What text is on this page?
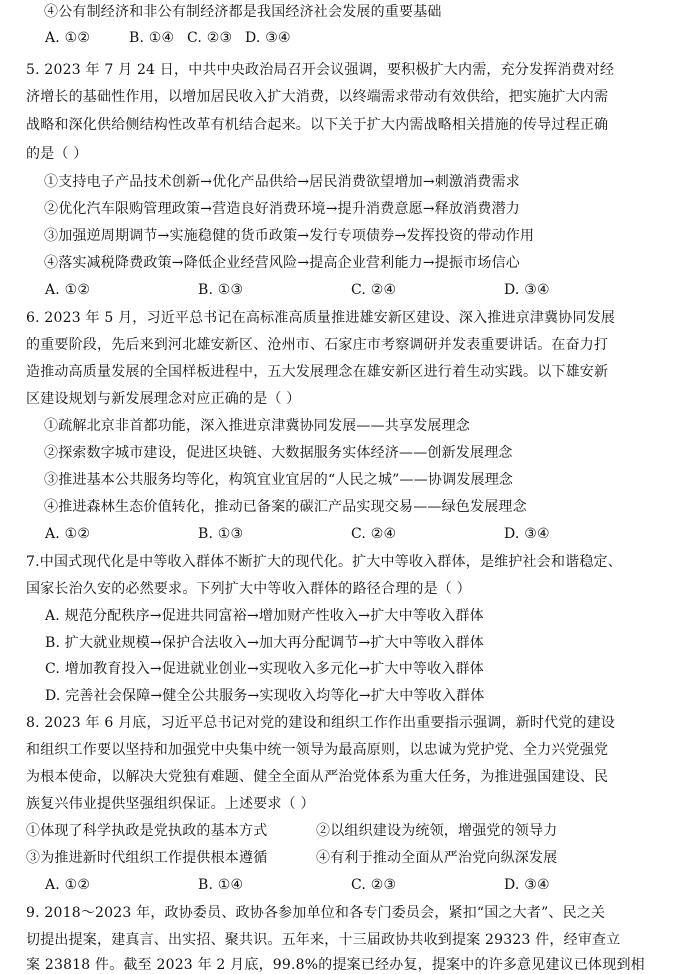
④公有制经济和非公有制经济都是我国经济社会发展的重要基础
A. ①②	B. ①④ C. ②③ D. ③④
5. 2023 年 7 月 24 日，中共中央政治局召开会议强调，要积极扩大内需，充分发挥消费对经
济增长的基础性作用，以增加居民收入扩大消费，以终端需求带动有效供给，把实施扩大内需
战略和深化供给侧结构性改革有机结合起来。以下关于扩大内需战略相关措施的传导过程正确
的是（ ）
①支持电子产品技术创新→优化产品供给→居民消费欲望增加→刺激消费需求
②优化汽车限购管理政策→营造良好消费环境→提升消费意愿→释放消费潜力
③加强逆周期调节→实施稳健的货币政策→发行专项债券→发挥投资的带动作用
④落实减税降费政策→降低企业经营风险→提高企业营利能力→提振市场信心
A. ①②	B. ①③	C. ②④	D. ③④
6. 2023 年 5 月，习近平总书记在高标准高质量推进雄安新区建设、深入推进京津冀协同发展
的重要阶段，先后来到河北雄安新区、沧州市、石家庄市考察调研并发表重要讲话。在奋力打
造推动高质量发展的全国样板进程中，五大发展理念在雄安新区进行着生动实践。以下雄安新
区建设规划与新发展理念对应正确的是（ ）
①疏解北京非首都功能，深入推进京津冀协同发展——共享发展理念
②探索数字城市建设，促进区块链、大数据服务实体经济——创新发展理念
③推进基本公共服务均等化，构筑宜业宜居的“人民之城”——协调发展理念
④推进森林生态价值转化，推动已备案的碳汇产品实现交易——绿色发展理念
A. ①②	B. ①③	C. ②④	D. ③④
7.中国式现代化是中等收入群体不断扩大的现代化。扩大中等收入群体，是维护社会和谐稳定、
国家长治久安的必然要求。下列扩大中等收入群体的路径合理的是（ ）
A. 规范分配秩序→促进共同富裕→增加财产性收入→扩大中等收入群体
B. 扩大就业规模→保护合法收入→加大再分配调节→扩大中等收入群体
C. 增加教育投入→促进就业创业→实现收入多元化→扩大中等收入群体
D. 完善社会保障→健全公共服务→实现收入均等化→扩大中等收入群体
8. 2023 年 6 月底，习近平总书记对党的建设和组织工作作出重要指示强调，新时代党的建设
和组织工作要以坚持和加强党中央集中统一领导为最高原则，以忠诚为党护党、全力兴党强党
为根本使命，以解决大党独有难题、健全全面从严治党体系为重大任务，为推进强国建设、民
族复兴伟业提供坚强组织保证。上述要求（ ）
①体现了科学执政是党执政的基本方式	②以组织建设为统领，增强党的领导力
③为推进新时代组织工作提供根本遵循	④有利于推动全面从严治党向纵深发展
A. ①②	B. ①④	C. ②③	D. ③④
9. 2018～2023 年，政协委员、政协各参加单位和各专门委员会，紧扣“国之大者”、民之关
切提出提案，建真言、出实招、聚共识。五年来，十三届政协共收到提案 29323 件，经审查立
案 23818 件。截至 2023 年 2 月底，99.8%的提案已经办复，提案中的许多意见建议已体现到相
